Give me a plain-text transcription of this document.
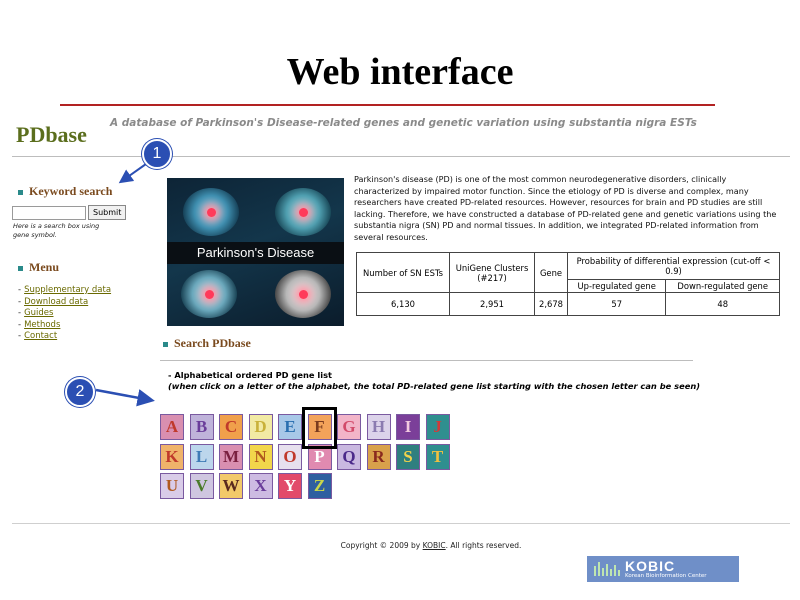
Web interface
PDbase A database of Parkinson's Disease-related genes and genetic variation using substantia nigra ESTs
1
2
Keyword search
Submit
Here is a search box using gene symbol.
Menu
- Supplementary data
- Download data
- Guides
- Methods
- Contact
Parkinson's Disease
Parkinson's disease (PD) is one of the most common neurodegenerative disorders, clinically characterized by impaired motor function. Since the etiology of PD is diverse and complex, many researchers have created PD-related resources. However, resources for brain and PD studies are still lacking. Therefore, we have constructed a database of PD-related gene and genetic variations using the substantia nigra (SN) PD and normal tissues. In addition, we integrated PD-related information from several resources.
Number of SN ESTs	UniGene Clusters (#217)	Gene	Probability of differential expression (cut-off < 0.9)	
			Up-regulated gene	Down-regulated gene
6,130	2,951	2,678	57	48
Search PDbase
- Alphabetical ordered PD gene list
(when click on a letter of the alphabet, the total PD-related gene list starting with the chosen letter can be seen)
A	B	C	D	E	F	G H	I	J
K	L M N O	P	Q R	S	T
U	V W X	Y	Z
Copyright © 2009 by KOBIC. All rights reserved.
KOBIC
Korean Bioinformation Center
